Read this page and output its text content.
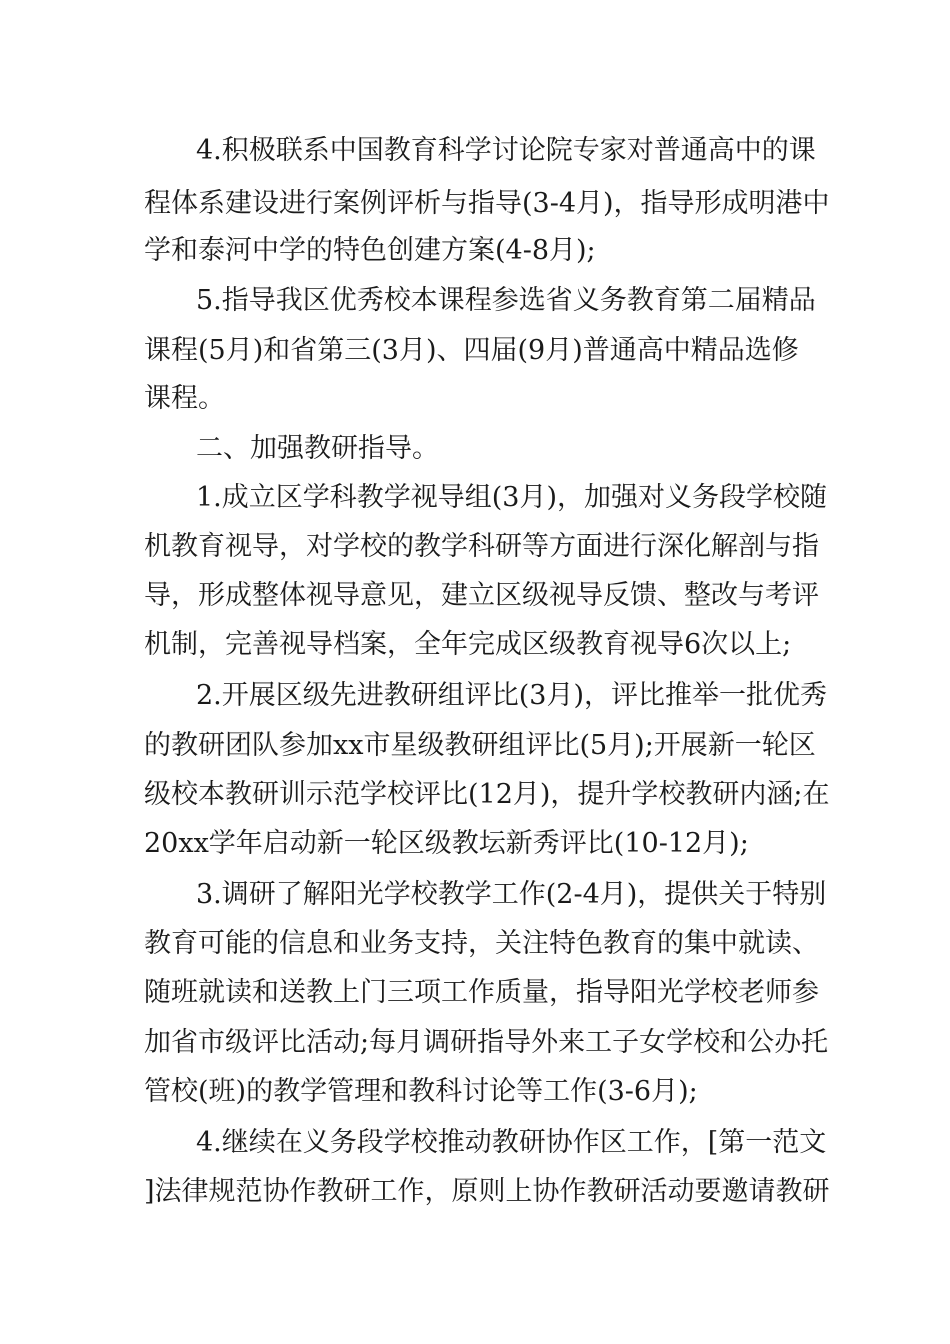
4.积极联系中国教育科学讨论院专家对普通高中的课
程体系建设进行案例评析与指导(3-4月)，指导形成明港中
学和泰河中学的特色创建方案(4-8月);
5.指导我区优秀校本课程参选省义务教育第二届精品
课程(5月)和省第三(3月)、四届(9月)普通高中精品选修
课程。
二、加强教研指导。
1.成立区学科教学视导组(3月)，加强对义务段学校随
机教育视导，对学校的教学科研等方面进行深化解剖与指
导，形成整体视导意见，建立区级视导反馈、整改与考评
机制，完善视导档案，全年完成区级教育视导6次以上;
2.开展区级先进教研组评比(3月)，评比推举一批优秀
的教研团队参加xx市星级教研组评比(5月);开展新一轮区
级校本教研训示范学校评比(12月)，提升学校教研内涵;在
20xx学年启动新一轮区级教坛新秀评比(10-12月);
3.调研了解阳光学校教学工作(2-4月)，提供关于特别
教育可能的信息和业务支持，关注特色教育的集中就读、
随班就读和送教上门三项工作质量，指导阳光学校老师参
加省市级评比活动;每月调研指导外来工子女学校和公办托
管校(班)的教学管理和教科讨论等工作(3-6月);
4.继续在义务段学校推动教研协作区工作，[第一范文
]法律规范协作教研工作，原则上协作教研活动要邀请教研
